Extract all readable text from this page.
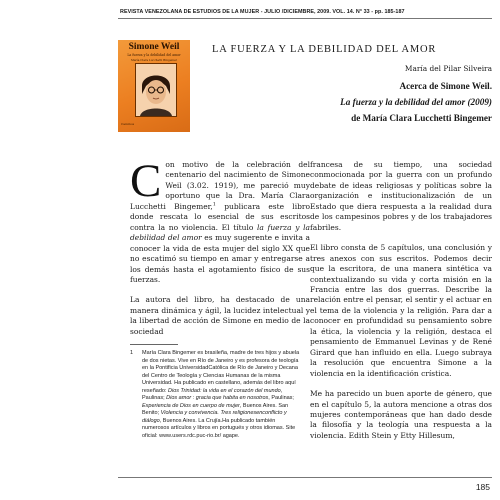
REVISTA VENEZOLANA DE ESTUDIOS DE LA MUJER - JULIO /DICIEMBRE, 2009. VOL. 14. N° 33 - pp. 185-187
Simone Weil
La fuerza y la debilidad del amor
María Clara Lucchetti Bingemer
Caminos
LA FUERZA Y LA DEBILIDAD DEL AMOR
María del Pilar Silveira
Acerca de Simone Weil.
La fuerza y la debilidad del amor (2009)
de María Clara Lucchetti Bingemer

Con motivo de la celebración del centenario del nacimiento de Simone Weil (3.02. 1919), me pareció muy oportuno que la Dra. María Clara Lucchetti Bingemer,$^1$ publicara este libro donde rescata lo esencial de sus escritos contra la no violencia. El título la fuerza y la debilidad del amor es muy sugerente e invita a conocer la vida de esta mujer del siglo XX que no escatimó su tiempo en amar y entregarse a los demás hasta el agotamiento físico de sus fuerzas.

La autora del libro, ha destacado de una manera dinámica y ágil, la lucidez intelectual y la libertad de acción de Simone en medio de la sociedad

francesa de su tiempo, una sociedad conmocionada por la guerra con un profundo debate de ideas religiosas y políticas sobre la organización e institucionalización de un Estado que diera respuesta a la realidad dura de los campesinos pobres y de los trabajadores fabriles.

El libro consta de 5 capítulos, una conclusión y tres anexos con sus escritos. Podemos decir que la escritora, de una manera sintética va contextualizando su vida y corta misión en la Francia entre las dos guerras. Describe la relación entre el pensar, el sentir y el actuar en el tema de la violencia y la religión. Para dar a conocer en profundidad su pensamiento sobre la ética, la violencia y la religión, destaca el pensamiento de Emmanuel Levinas y de René Girard que han influido en ella. Luego subraya la resolución que encuentra Simone a la violencia en la identificación crística.

Me ha parecido un buen aporte de género, que en el capítulo 5, la autora mencione a otras dos mujeres contemporáneas que han dado desde la filosofía y la teología una respuesta a la violencia. Edith Stein y Etty Hillesum,

1 María Clara Bingemer es brasileña, madre de tres hijos y abuela de dos nietas. Vive en Río de Janeiro y es profesora de teología en la Pontificia UniversidadCatólica de Río de Janeiro y Decana del Centro de Teología y Ciencias Humanas de la misma Universidad. Ha publicado en castellano, además del libro aquí reseñado: Dios Trinidad: la vida en el corazón del mundo, Paulinas; Dios amor : gracia que habita en nosotros, Paulinas; Experiencia de Dios en cuerpo de mujer, Buenos Aires. San Benito; Violencia y convivencia. Tres religionesenconflicto y diálogo, Buenos Aires. La Crujía.Ha publicado también numerosos artículos y libros en portugués y otros idiomas. Site oficial: www.users.rdc.puc-rio.br/ agape.
185
